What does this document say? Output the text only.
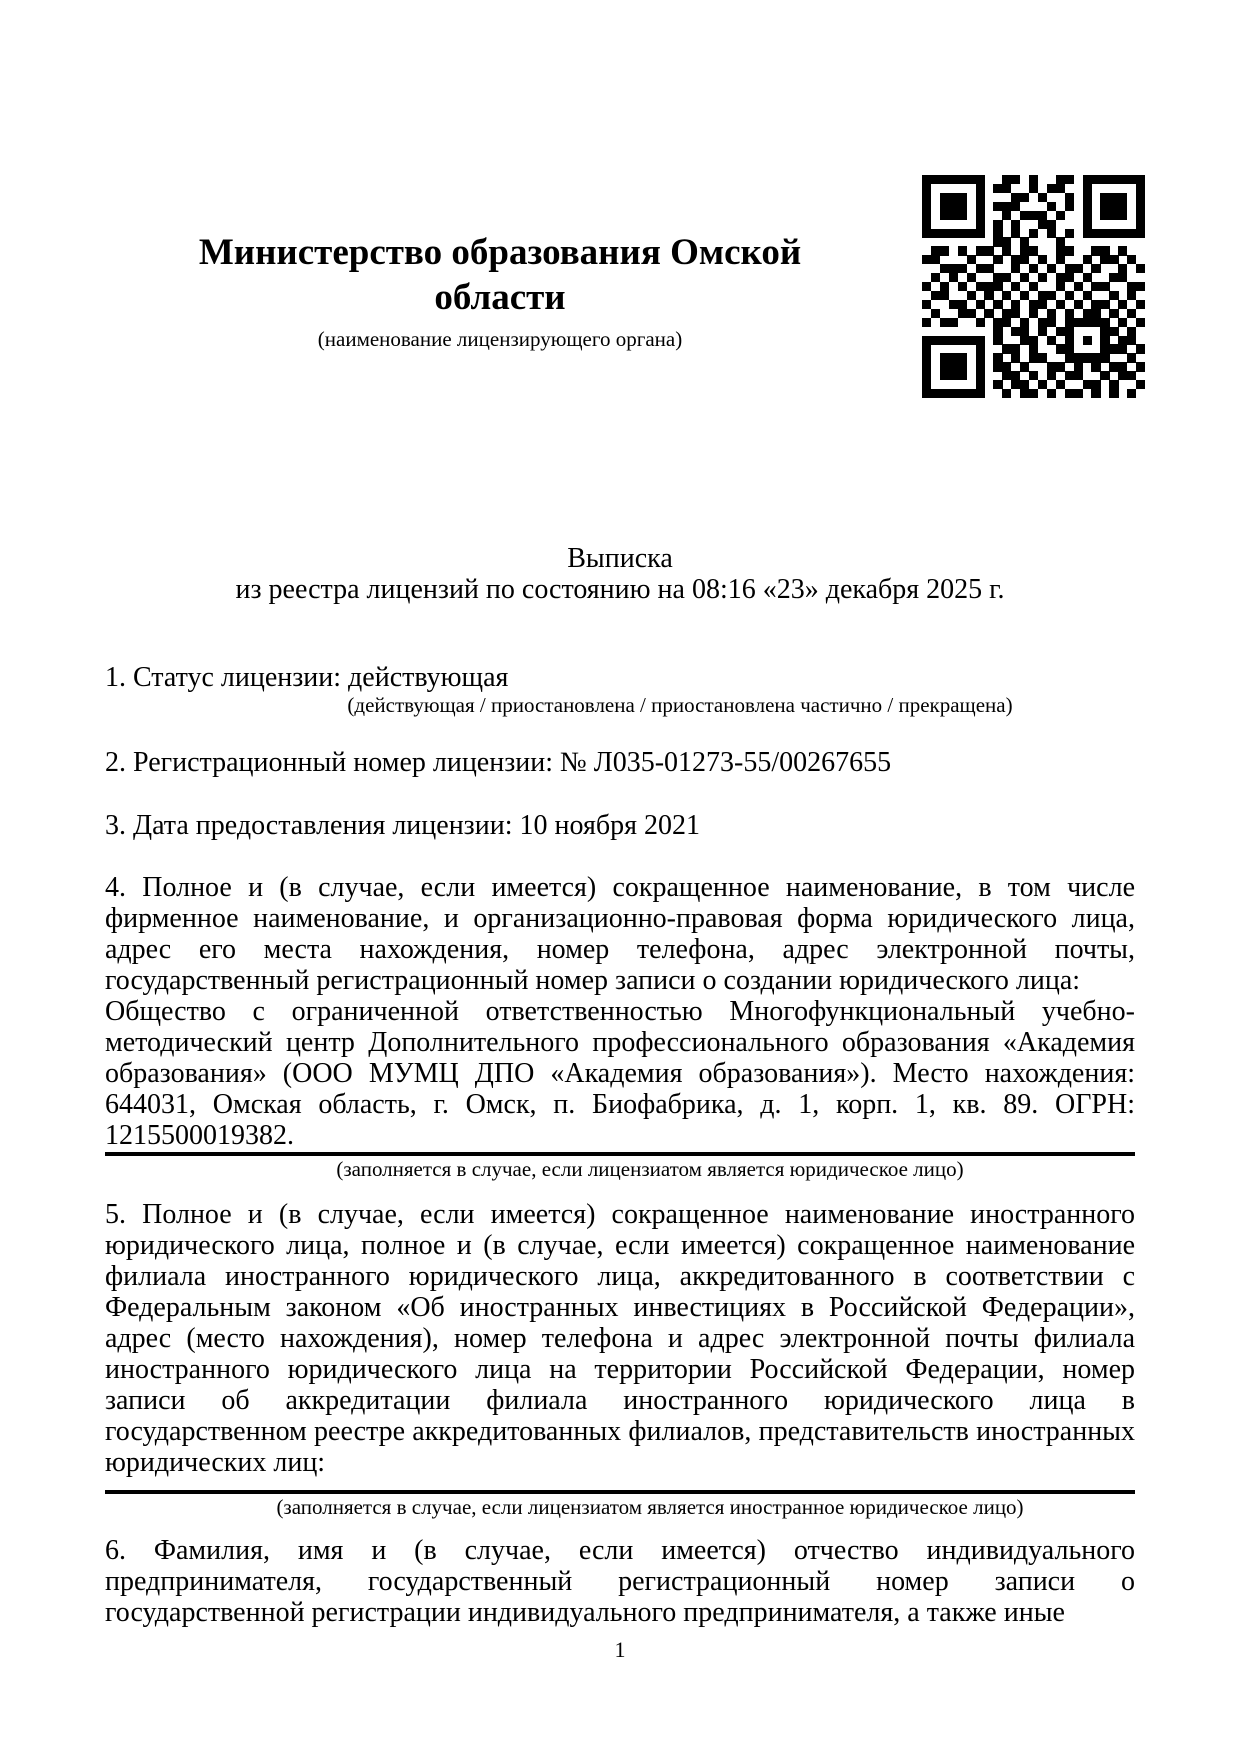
Министерство образования Омской области
(наименование лицензирующего органа)
Выписка
из реестра лицензий по состоянию на 08:16 «23» декабря 2025 г.
1. Статус лицензии: действующая
(действующая / приостановлена / приостановлена частично / прекращена)
2. Регистрационный номер лицензии: № Л035-01273-55/00267655
3. Дата предоставления лицензии: 10 ноября 2021
4. Полное и (в случае, если имеется) сокращенное наименование, в том числе фирменное наименование, и организационно-правовая форма юридического лица, адрес его места нахождения, номер телефона, адрес электронной почты, государственный регистрационный номер записи о создании юридического лица:
Общество с ограниченной ответственностью Многофункциональный учебно-методический центр Дополнительного профессионального образования «Академия образования» (ООО МУМЦ ДПО «Академия образования»). Место нахождения: 644031, Омская область, г. Омск, п. Биофабрика, д. 1, корп. 1, кв. 89. ОГРН: 1215500019382.
(заполняется в случае, если лицензиатом является юридическое лицо)
5. Полное и (в случае, если имеется) сокращенное наименование иностранного юридического лица, полное и (в случае, если имеется) сокращенное наименование филиала иностранного юридического лица, аккредитованного в соответствии с Федеральным законом «Об иностранных инвестициях в Российской Федерации», адрес (место нахождения), номер телефона и адрес электронной почты филиала иностранного юридического лица на территории Российской Федерации, номер записи об аккредитации филиала иностранного юридического лица в государственном реестре аккредитованных филиалов, представительств иностранных юридических лиц:
(заполняется в случае, если лицензиатом является иностранное юридическое лицо)
6. Фамилия, имя и (в случае, если имеется) отчество индивидуального предпринимателя, государственный регистрационный номер записи о государственной регистрации индивидуального предпринимателя, а также иные
1
